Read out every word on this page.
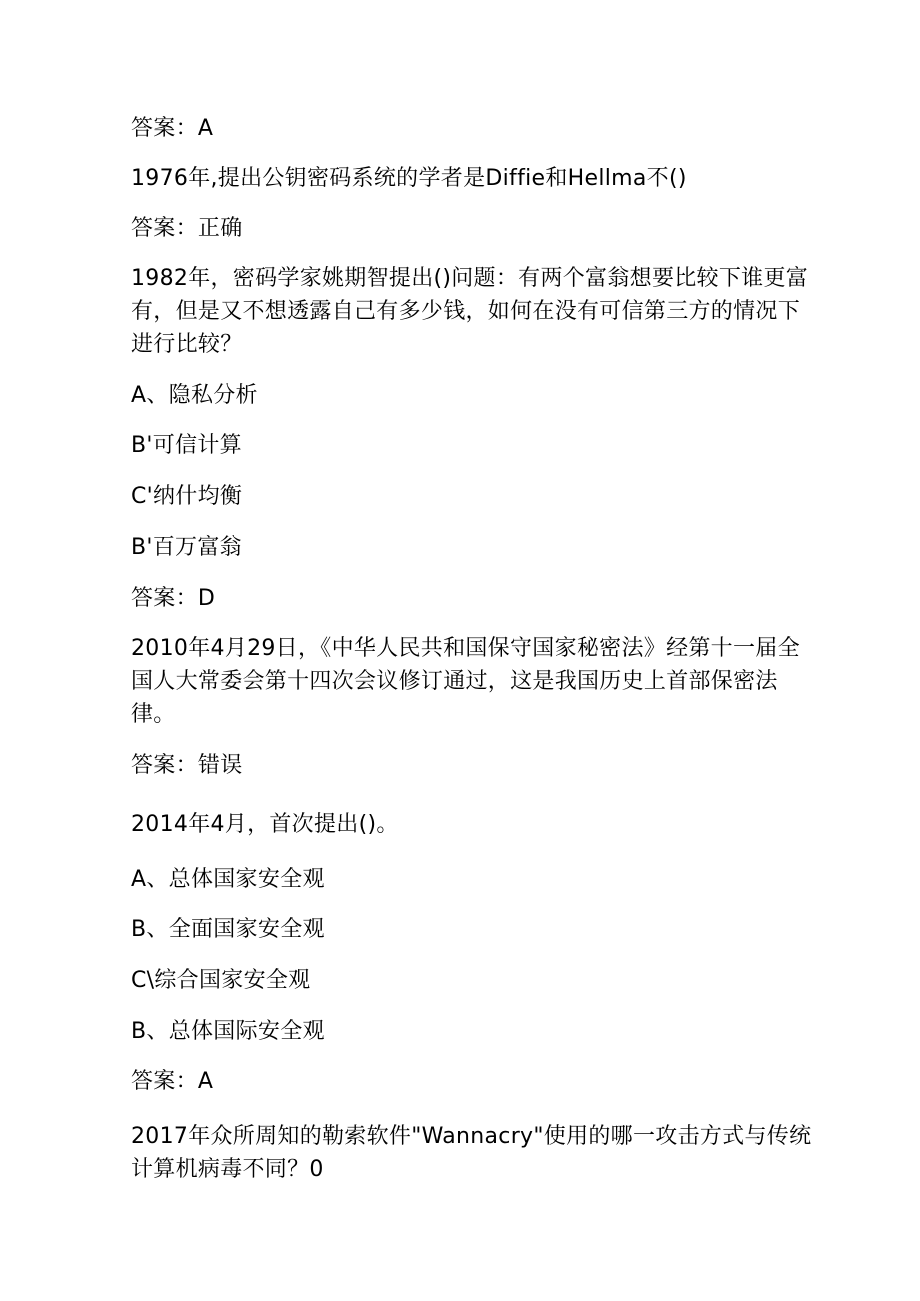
答案：A
1976年,提出公钥密码系统的学者是Diffie和Hellma不()
答案：正确
1982年，密码学家姚期智提出()问题：有两个富翁想要比较下谁更富
有，但是又不想透露自己有多少钱，如何在没有可信第三方的情况下
进行比较？
A、隐私分析
B'可信计算
C'纳什均衡
B'百万富翁
答案：D
2010年4月29日，《中华人民共和国保守国家秘密法》经第十一届全
国人大常委会第十四次会议修订通过，这是我国历史上首部保密法
律。
答案：错误
2014年4月，首次提出()。
A、总体国家安全观
B、全面国家安全观
C\综合国家安全观
B、总体国际安全观
答案：A
2017年众所周知的勒索软件"Wannacry"使用的哪一攻击方式与传统
计算机病毒不同？0
